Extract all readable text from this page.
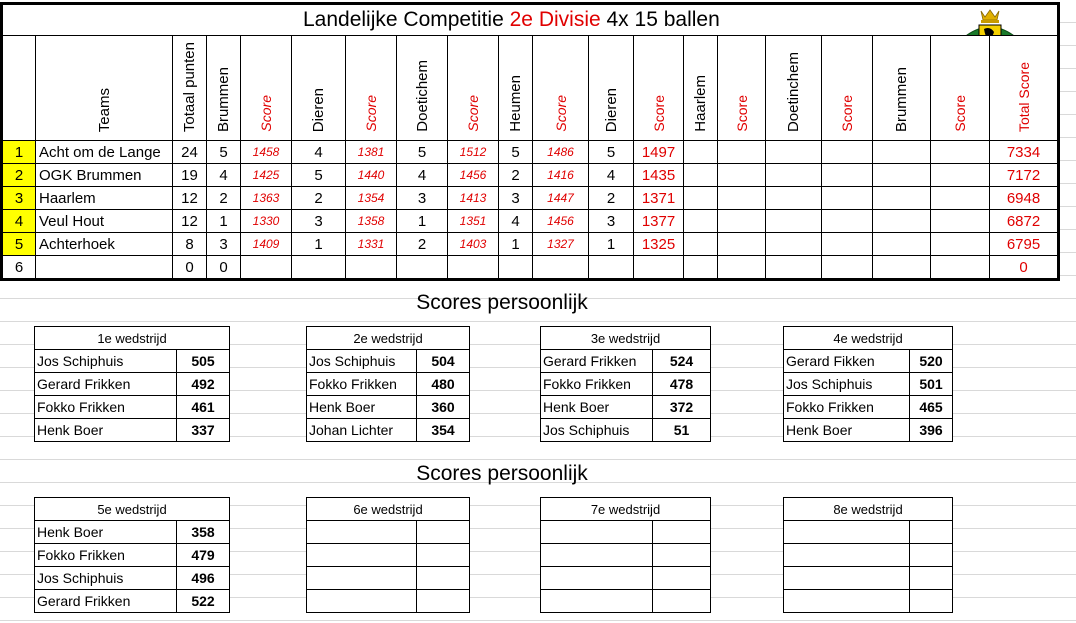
Landelijke Competitie 2e Divisie 4x 15 ballen																			

	Teams	Totaal punten	Brummen	Score	Dieren	Score	Doetichem	Score	Heumen	Score	Dieren	Score	Haarlem	Score	Doetinchem	Score	Brummen	Score	Total Score
1	Acht om de Lange	24	5	1458	4	1381	5	1512	5	1486	5	1497							7334
2	OGK Brummen	19	4	1425	5	1440	4	1456	2	1416	4	1435							7172
3	Haarlem	12	2	1363	2	1354	3	1413	3	1447	2	1371							6948
4	Veul Hout	12	1	1330	3	1358	1	1351	4	1456	3	1377							6872
5	Achterhoek	8	3	1409	1	1331	2	1403	1	1327	1	1325							6795
6		0	0																0
Scores persoonlijk
Scores persoonlijk
1e wedstrijd	
Jos Schiphuis	505
Gerard Frikken	492
Fokko Frikken	461
Henk Boer	337
2e wedstrijd	
Jos Schiphuis	504
Fokko Frikken	480
Henk Boer	360
Johan Lichter	354
3e wedstrijd	
Gerard Frikken	524
Fokko Frikken	478
Henk Boer	372
Jos Schiphuis	51
4e wedstrijd	
Gerard Fikken	520
Jos Schiphuis	501
Fokko Frikken	465
Henk Boer	396
5e wedstrijd	
Henk Boer	358
Fokko Frikken	479
Jos Schiphuis	496
Gerard Frikken	522
6e wedstrijd	

		7e wedstrijd	

		8e wedstrijd	
